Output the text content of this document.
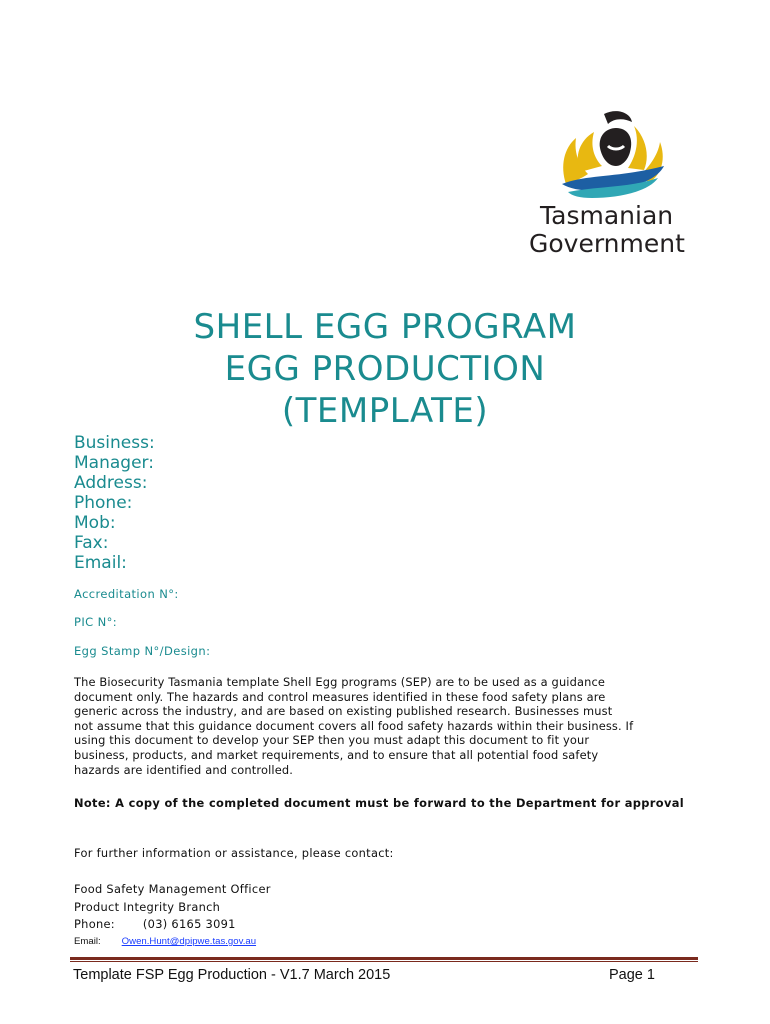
Tasmanian
Government
SHELL EGG PROGRAM
EGG PRODUCTION
(TEMPLATE)
Business:
Manager:
Address:
Phone:
Mob:
Fax:
Email:
Accreditation N°:
PIC N°:
Egg Stamp N°/Design:
The Biosecurity Tasmania template Shell Egg programs (SEP) are to be used as a guidance
document only. The hazards and control measures identified in these food safety plans are
generic across the industry, and are based on existing published research. Businesses must
not assume that this guidance document covers all food safety hazards within their business. If
using this document to develop your SEP then you must adapt this document to fit your
business, products, and market requirements, and to ensure that all potential food safety
hazards are identified and controlled.
Note: A copy of the completed document must be forward to the Department for approval
For further information or assistance, please contact:
Food Safety Management Officer
Product Integrity Branch
Phone: (03) 6165 3091
Email: Owen.Hunt@dpipwe.tas.gov.au
Template FSP Egg Production - V1.7 March 2015	Page 1
